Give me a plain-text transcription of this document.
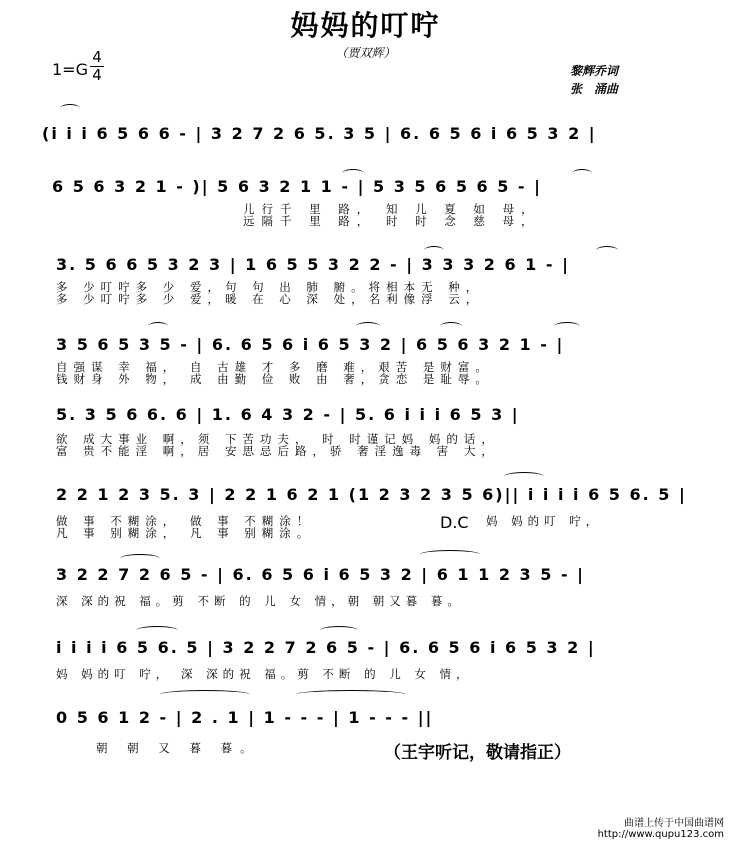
妈妈的叮咛
（贾双辉）
1=G
4
4	黎辉乔词
张　涌曲
(i i i 6 5 6 6 - | 3 2 7 2 6 5. 3 5 | 6. 6 5 6 i 6 5 3 2 |
6 5 6 3 2 1 - )| 5 6 3 2 1 1 - | 5 3 5 6 5 6 5 - |
儿行千 里 路， 知 儿 夏 如 母，
远隔千 里 路， 时 时 念 慈 母，
3. 5 6 6 5 3 2 3 | 1 6 5 5 3 2 2 - | 3 3 3 2 6 1 - |
多 少叮咛多 少 爱，句 句 出 肺 腑。将相本无 种，
多 少叮咛多 少 爱，暖 在 心 深 处，名利像浮 云，
3 5 6 5 3 5 - | 6. 6 5 6 i 6 5 3 2 | 6 5 6 3 2 1 - |
自强谋 幸 福， 自 古雄 才 多 磨 难，艰苦 是财富。
钱财身 外 物， 成 由勤 俭 败 由 奢，贪恋 是耻辱。
5. 3 5 6 6. 6 | 1. 6 4 3 2 - | 5. 6 i i i 6 5 3 |
欲 成大事业 啊，须 下苦功夫， 时 时谨记妈 妈的话，
富 贵不能淫 啊，居 安思忌后路，骄 奢淫逸毒 害 大，
2 2 1 2 3 5. 3 | 2 2 1 6 2 1 (1 2 3 2 3 5 6)|| i i i i 6 5 6. 5 |
做 事 不糊涂， 做 事 不糊涂！
凡 事 别糊涂， 凡 事 别糊涂。
D.C 妈 妈的叮 咛，
3 2 2 7 2 6 5 - | 6. 6 5 6 i 6 5 3 2 | 6 1 1 2 3 5 - |
深 深的祝 福。剪 不断 的 儿 女 情，朝 朝又暮 暮。
i i i i 6 5 6. 5 | 3 2 2 7 2 6 5 - | 6. 6 5 6 i 6 5 3 2 |
妈 妈的叮 咛， 深 深的祝 福。剪 不断 的 儿 女 情，
0 5 6 1 2 - | 2 . 1 | 1 - - - | 1 - - - ||
朝 朝 又 暮 暮。	（王宇听记，敬请指正）
曲谱上传于中国曲谱网
http://www.qupu123.com
